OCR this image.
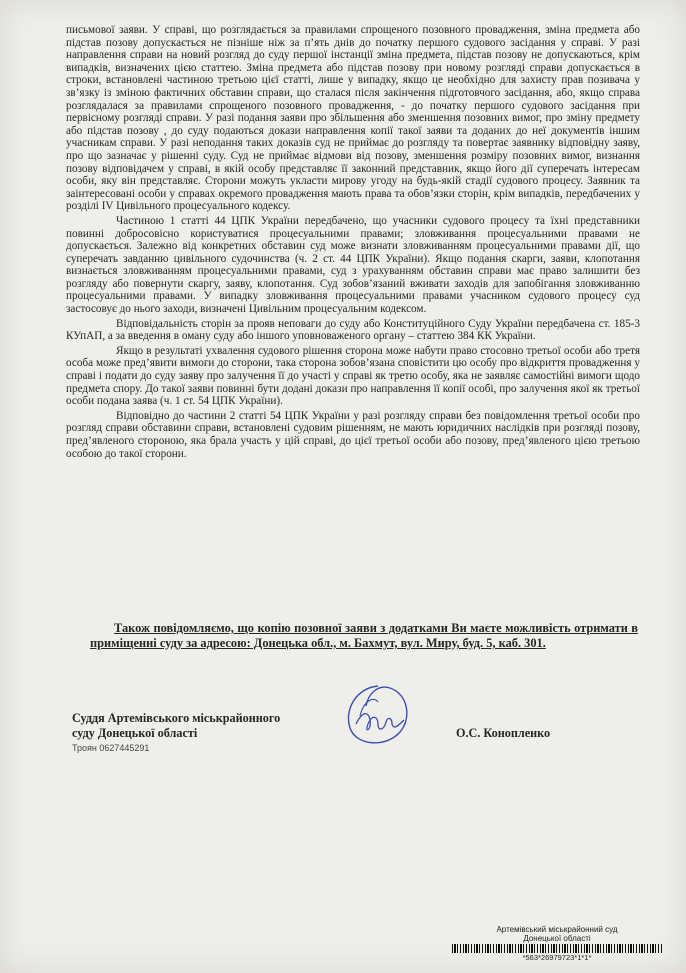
письмової заяви. У справі, що розглядається за правилами спрощеного позовного провадження, зміна предмета або підстав позову допускається не пізніше ніж за п’ять днів до початку першого судового засідання у справі. У разі направлення справи на новий розгляд до суду першої інстанції зміна предмета, підстав позову не допускаються, крім випадків, визначених цією статтею. Зміна предмета або підстав позову при новому розгляді справи допускається в строки, встановлені частиною третьою цієї статті, лише у випадку, якщо це необхідно для захисту прав позивача у зв’язку із зміною фактичних обставин справи, що сталася після закінчення підготовчого засідання, або, якщо справа розглядалася за правилами спрощеного позовного провадження, - до початку першого судового засідання при первісному розгляді справи. У разі подання заяви про збільшення або зменшення позовних вимог, про зміну предмету або підстав позову , до суду подаються докази направлення копії такої заяви та доданих до неї документів іншим учасникам справи. У разі неподання таких доказів суд не приймає до розгляду та повертає заявнику відповідну заяву, про що зазначає у рішенні суду. Суд не приймає відмови від позову, зменшення розміру позовних вимог, визнання позову відповідачем у справі, в якій особу представляє її законний представник, якщо його дії суперечать інтересам особи, яку він представляє. Сторони можуть укласти мирову угоду на будь-якій стадії судового процесу. Заявник та заінтересовані особи у справах окремого провадження мають права та обов’язки сторін, крім випадків, передбачених у розділі IV Цивільного процесуального кодексу.

Частиною 1 статті 44 ЦПК України передбачено, що учасники судового процесу та їхні представники повинні добросовісно користуватися процесуальними правами; зловживання процесуальними правами не допускається. Залежно від конкретних обставин суд може визнати зловживанням процесуальними правами дії, що суперечать завданню цивільного судочинства (ч. 2 ст. 44 ЦПК України). Якщо подання скарги, заяви, клопотання визнається зловживанням процесуальними правами, суд з урахуванням обставин справи має право залишити без розгляду або повернути скаргу, заяву, клопотання. Суд зобов’язаний вживати заходів для запобігання зловживанню процесуальними правами. У випадку зловживання процесуальними правами учасником судового процесу суд застосовує до нього заходи, визначені Цивільним процесуальним кодексом.

Відповідальність сторін за прояв неповаги до суду або Конституційного Суду України передбачена ст. 185-3 КУпАП, а за введення в оману суду або іншого уповноваженого органу – статтею 384 КК України.

Якщо в результаті ухвалення судового рішення сторона може набути право стосовно третьої особи або третя особа може пред’явити вимоги до сторони, така сторона зобов’язана сповістити цю особу про відкриття провадження у справі і подати до суду заяву про залучення її до участі у справі як третю особу, яка не заявляє самостійні вимоги щодо предмета спору. До такої заяви повинні бути додані докази про направлення її копії особі, про залучення якої як третьої особи подана заява (ч. 1 ст. 54 ЦПК України).

Відповідно до частини 2 статті 54 ЦПК України у разі розгляду справи без повідомлення третьої особи про розгляд справи обставини справи, встановлені судовим рішенням, не мають юридичних наслідків при розгляді позову, пред’явленого стороною, яка брала участь у цій справі, до цієї третьої особи або позову, пред’явленого цією третьою особою до такої сторони.

Також повідомляємо, що копію позовної заяви з додатками Ви маєте можливість отримати в приміщенні суду за адресою: Донецька обл., м. Бахмут, вул. Миру, буд. 5, каб. 301.
Суддя Артемівського міськрайонного
суду Донецької області
Троян 0627445291
О.С. Конопленко
Артемівський міськрайонний суд
Донецької області
*563*26979723*1*1*
